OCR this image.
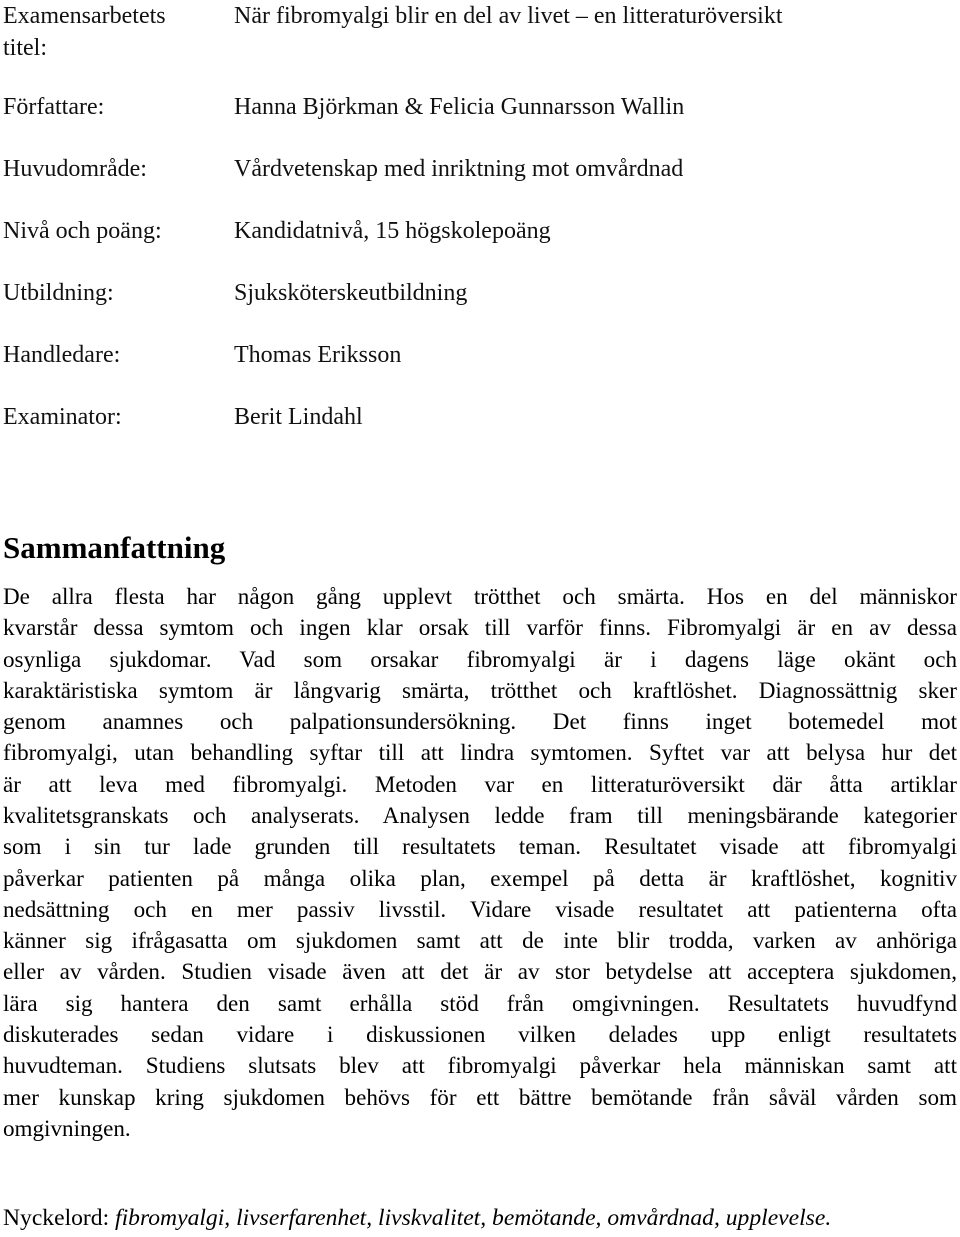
Examensarbetets
titel:
När fibromyalgi blir en del av livet – en litteraturöversikt
Författare:	Hanna Björkman & Felicia Gunnarsson Wallin
Huvudområde:	Vårdvetenskap med inriktning mot omvårdnad
Nivå och poäng:	Kandidatnivå, 15 högskolepoäng
Utbildning:	Sjuksköterskeutbildning
Handledare:	Thomas Eriksson
Examinator:	Berit Lindahl
Sammanfattning
De allra flesta har någon gång upplevt trötthet och smärta. Hos en del människor
kvarstår dessa symtom och ingen klar orsak till varför finns. Fibromyalgi är en av dessa
osynliga sjukdomar. Vad som orsakar fibromyalgi är i dagens läge okänt och
karaktäristiska symtom är långvarig smärta, trötthet och kraftlöshet. Diagnossättnig sker
genom anamnes och palpationsundersökning. Det finns inget botemedel mot
fibromyalgi, utan behandling syftar till att lindra symtomen. Syftet var att belysa hur det
är att leva med fibromyalgi. Metoden var en litteraturöversikt där åtta artiklar
kvalitetsgranskats och analyserats. Analysen ledde fram till meningsbärande kategorier
som i sin tur lade grunden till resultatets teman. Resultatet visade att fibromyalgi
påverkar patienten på många olika plan, exempel på detta är kraftlöshet, kognitiv
nedsättning och en mer passiv livsstil. Vidare visade resultatet att patienterna ofta
känner sig ifrågasatta om sjukdomen samt att de inte blir trodda, varken av anhöriga
eller av vården. Studien visade även att det är av stor betydelse att acceptera sjukdomen,
lära sig hantera den samt erhålla stöd från omgivningen. Resultatets huvudfynd
diskuterades sedan vidare i diskussionen vilken delades upp enligt resultatets
huvudteman. Studiens slutsats blev att fibromyalgi påverkar hela människan samt att
mer kunskap kring sjukdomen behövs för ett bättre bemötande från såväl vården som
omgivningen.
Nyckelord: fibromyalgi, livserfarenhet, livskvalitet, bemötande, omvårdnad, upplevelse.
